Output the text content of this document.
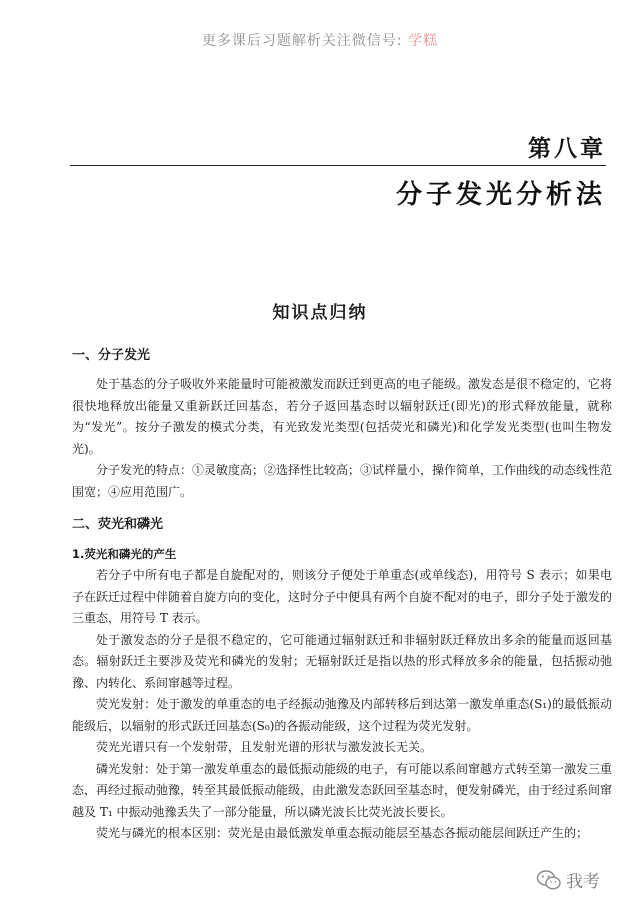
更多课后习题解析关注微信号: 学糕
第八章
分子发光分析法
知识点归纳
一、分子发光

处于基态的分子吸收外来能量时可能被激发而跃迁到更高的电子能级。激发态是很不稳定的，它将很快地释放出能量又重新跃迁回基态，若分子返回基态时以辐射跃迁(即光)的形式释放能量，就称为“发光”。按分子激发的模式分类，有光致发光类型(包括荧光和磷光)和化学发光类型(也叫生物发光)。

分子发光的特点：①灵敏度高；②选择性比较高；③试样量小，操作简单，工作曲线的动态线性范围宽；④应用范围广。

二、荧光和磷光
1.荧光和磷光的产生

若分子中所有电子都是自旋配对的，则该分子便处于单重态(或单线态)，用符号 S 表示；如果电子在跃迁过程中伴随着自旋方向的变化，这时分子中便具有两个自旋不配对的电子，即分子处于激发的三重态，用符号 T 表示。

处于激发态的分子是很不稳定的，它可能通过辐射跃迁和非辐射跃迁释放出多余的能量而返回基态。辐射跃迁主要涉及荧光和磷光的发射；无辐射跃迁是指以热的形式释放多余的能量，包括振动弛豫、内转化、系间窜越等过程。

荧光发射：处于激发的单重态的电子经振动弛豫及内部转移后到达第一激发单重态(S₁)的最低振动能级后，以辐射的形式跃迁回基态(S₀)的各振动能级，这个过程为荧光发射。

荧光光谱只有一个发射带，且发射光谱的形状与激发波长无关。

磷光发射：处于第一激发单重态的最低振动能级的电子，有可能以系间窜越方式转至第一激发三重态，再经过振动弛豫，转至其最低振动能级，由此激发态跃回至基态时，便发射磷光，由于经过系间窜越及 T₁ 中振动弛豫丢失了一部分能量，所以磷光波长比荧光波长要长。

荧光与磷光的根本区别：荧光是由最低激发单重态振动能层至基态各振动能层间跃迁产生的；

我考
